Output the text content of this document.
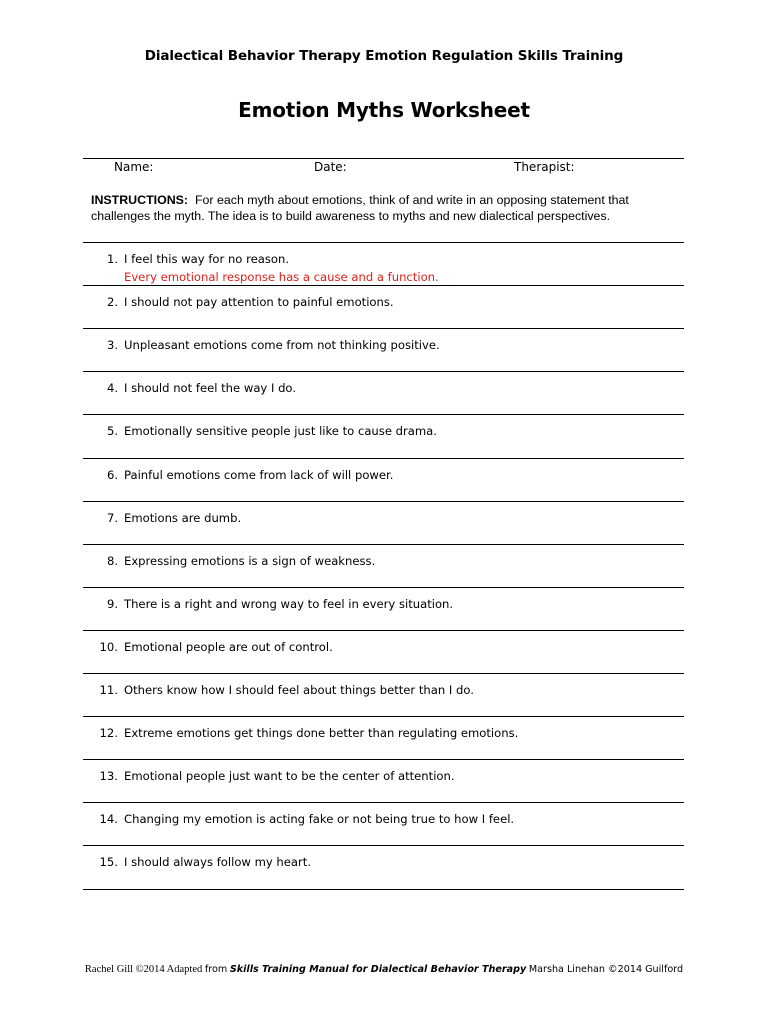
Dialectical Behavior Therapy Emotion Regulation Skills Training
Emotion Myths Worksheet
Name:	Date:	Therapist:
INSTRUCTIONS: For each myth about emotions, think of and write in an opposing statement that challenges the myth. The idea is to build awareness to myths and new dialectical perspectives.
1. I feel this way for no reason.
Every emotional response has a cause and a function.
2. I should not pay attention to painful emotions.
3. Unpleasant emotions come from not thinking positive.
4. I should not feel the way I do.
5. Emotionally sensitive people just like to cause drama.
6. Painful emotions come from lack of will power.
7. Emotions are dumb.
8. Expressing emotions is a sign of weakness.
9. There is a right and wrong way to feel in every situation.
10. Emotional people are out of control.
11. Others know how I should feel about things better than I do.
12. Extreme emotions get things done better than regulating emotions.
13. Emotional people just want to be the center of attention.
14. Changing my emotion is acting fake or not being true to how I feel.
15. I should always follow my heart.
Rachel Gill ©2014 Adapted from Skills Training Manual for Dialectical Behavior Therapy Marsha Linehan ©2014 Guilford
